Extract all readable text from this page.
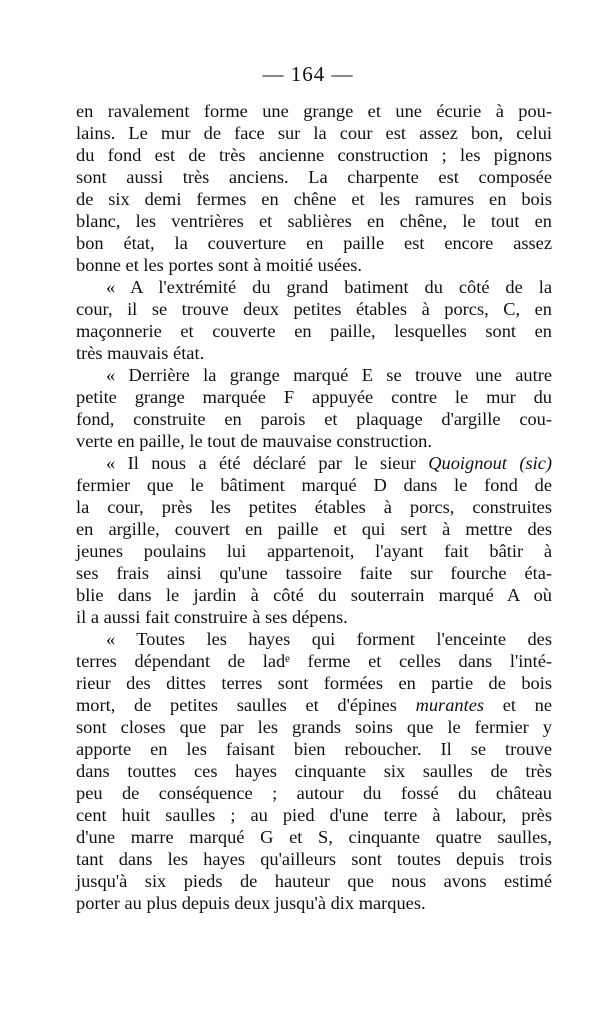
— 164 —

en ravalement forme une grange et une écurie à pou-
lains. Le mur de face sur la cour est assez bon, celui
du fond est de très ancienne construction ; les pignons
sont aussi très anciens. La charpente est composée
de six demi fermes en chêne et les ramures en bois
blanc, les ventrières et sablières en chêne, le tout en
bon état, la couverture en paille est encore assez
bonne et les portes sont à moitié usées.

« A l'extrémité du grand batiment du côté de la
cour, il se trouve deux petites étables à porcs, C, en
maçonnerie et couverte en paille, lesquelles sont en
très mauvais état.

« Derrière la grange marqué E se trouve une autre
petite grange marquée F appuyée contre le mur du
fond, construite en parois et plaquage d'argille cou-
verte en paille, le tout de mauvaise construction.

« Il nous a été déclaré par le sieur Quoignout (sic)
fermier que le bâtiment marqué D dans le fond de
la cour, près les petites étables à porcs, construites
en argille, couvert en paille et qui sert à mettre des
jeunes poulains lui appartenoit, l'ayant fait bâtir à
ses frais ainsi qu'une tassoire faite sur fourche éta-
blie dans le jardin à côté du souterrain marqué A où
il a aussi fait construire à ses dépens.

« Toutes les hayes qui forment l'enceinte des
terres dépendant de ladᵉ ferme et celles dans l'inté-
rieur des dittes terres sont formées en partie de bois
mort, de petites saulles et d'épines murantes et ne
sont closes que par les grands soins que le fermier y
apporte en les faisant bien reboucher. Il se trouve
dans touttes ces hayes cinquante six saulles de très
peu de conséquence ; autour du fossé du château
cent huit saulles ; au pied d'une terre à labour, près
d'une marre marqué G et S, cinquante quatre saulles,
tant dans les hayes qu'ailleurs sont toutes depuis trois
jusqu'à six pieds de hauteur que nous avons estimé
porter au plus depuis deux jusqu'à dix marques.
